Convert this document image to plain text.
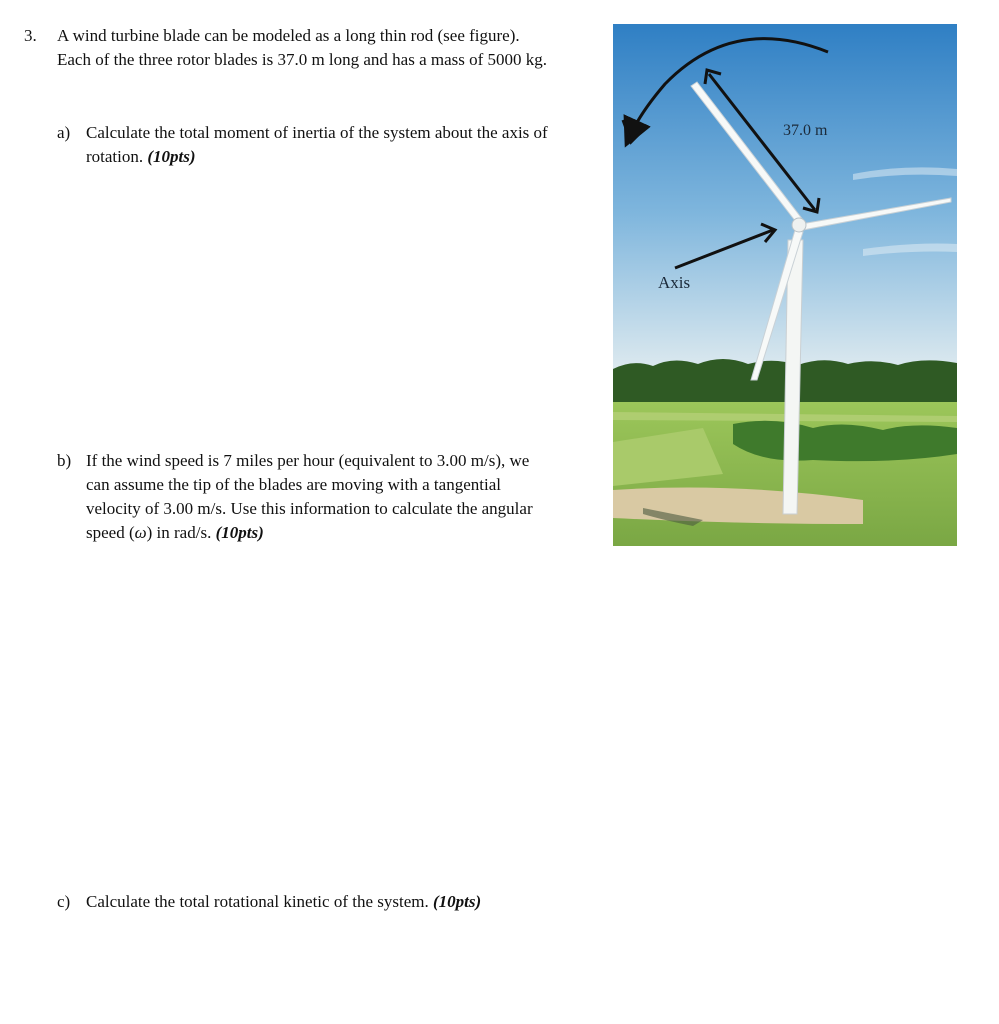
3. A wind turbine blade can be modeled as a long thin rod (see figure).
Each of the three rotor blades is 37.0 m long and has a mass of 5000 kg.
a) Calculate the total moment of inertia of the system about the axis of
rotation. (10pts)
b) If the wind speed is 7 miles per hour (equivalent to 3.00 m/s), we
can assume the tip of the blades are moving with a tangential
velocity of 3.00 m/s. Use this information to calculate the angular
speed (ω) in rad/s. (10pts)
c) Calculate the total rotational kinetic of the system. (10pts)
37.0 m
Axis
